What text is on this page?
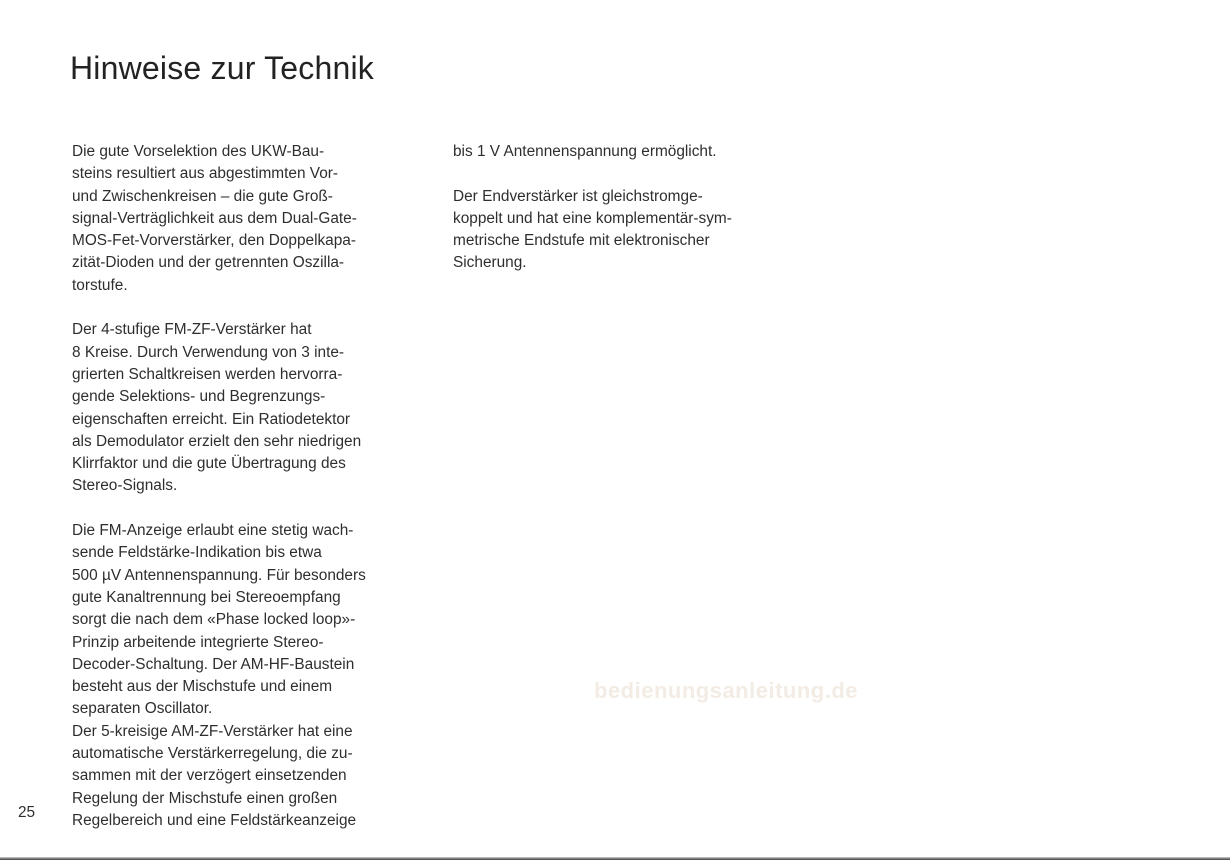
Hinweise zur Technik

Die gute Vorselektion des UKW-Bau-
steins resultiert aus abgestimmten Vor-
und Zwischenkreisen – die gute Groß-
signal-Verträglichkeit aus dem Dual-Gate-
MOS-Fet-Vorverstärker, den Doppelkapa-
zität-Dioden und der getrennten Oszilla-
torstufe.

Der 4-stufige FM-ZF-Verstärker hat
8 Kreise. Durch Verwendung von 3 inte-
grierten Schaltkreisen werden hervorra-
gende Selektions- und Begrenzungs-
eigenschaften erreicht. Ein Ratiodetektor
als Demodulator erzielt den sehr niedrigen
Klirrfaktor und die gute Übertragung des
Stereo-Signals.

Die FM-Anzeige erlaubt eine stetig wach-
sende Feldstärke-Indikation bis etwa
500 µV Antennenspannung. Für besonders
gute Kanaltrennung bei Stereoempfang
sorgt die nach dem «Phase locked loop»-
Prinzip arbeitende integrierte Stereo-
Decoder-Schaltung. Der AM-HF-Baustein
besteht aus der Mischstufe und einem
separaten Oscillator.

Der 5-kreisige AM-ZF-Verstärker hat eine
automatische Verstärkerregelung, die zu-
sammen mit der verzögert einsetzenden
Regelung der Mischstufe einen großen
Regelbereich und eine Feldstärkeanzeige

bis 1 V Antennenspannung ermöglicht.

Der Endverstärker ist gleichstromge-
koppelt und hat eine komplementär-sym-
metrische Endstufe mit elektronischer
Sicherung.

bedienungsanleitung.de
25
